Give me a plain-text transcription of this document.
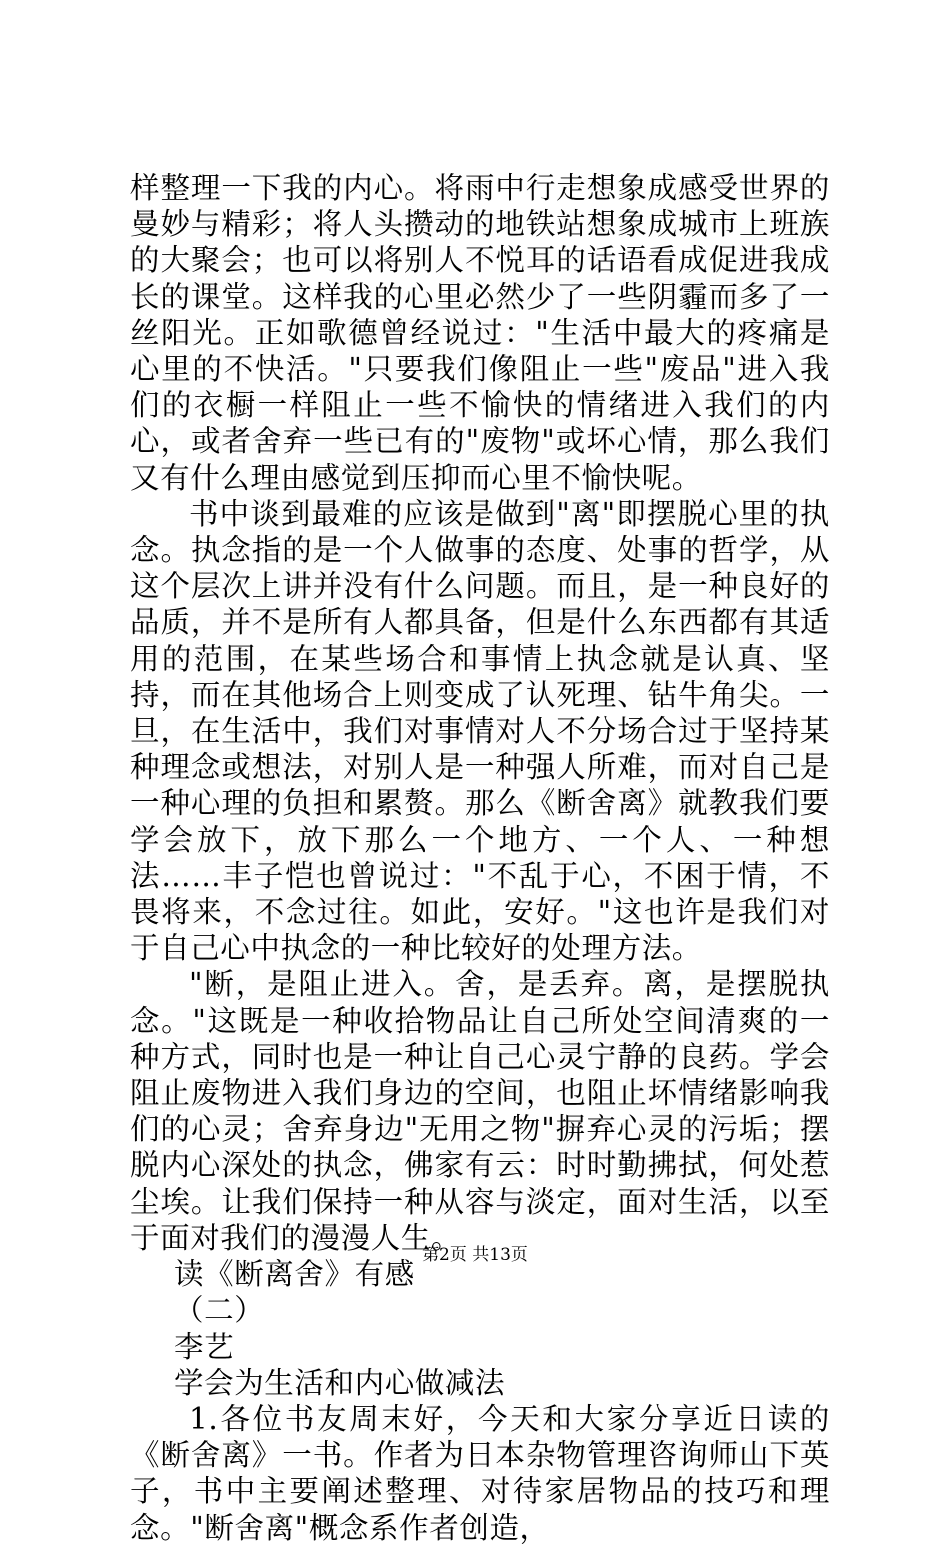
样整理一下我的内心。将雨中行走想象成感受世界的曼妙与精彩；将人头攒动的地铁站想象成城市上班族的大聚会；也可以将别人不悦耳的话语看成促进我成长的课堂。这样我的心里必然少了一些阴霾而多了一丝阳光。正如歌德曾经说过："生活中最大的疼痛是心里的不快活。"只要我们像阻止一些"废品"进入我们的衣橱一样阻止一些不愉快的情绪进入我们的内心，或者舍弃一些已有的"废物"或坏心情，那么我们又有什么理由感觉到压抑而心里不愉快呢。

书中谈到最难的应该是做到"离"即摆脱心里的执念。执念指的是一个人做事的态度、处事的哲学，从这个层次上讲并没有什么问题。而且，是一种良好的品质，并不是所有人都具备，但是什么东西都有其适用的范围，在某些场合和事情上执念就是认真、坚持，而在其他场合上则变成了认死理、钻牛角尖。一旦，在生活中，我们对事情对人不分场合过于坚持某种理念或想法，对别人是一种强人所难，而对自己是一种心理的负担和累赘。那么《断舍离》就教我们要学会放下，放下那么一个地方、一个人、一种想法……丰子恺也曾说过："不乱于心，不困于情，不畏将来，不念过往。如此，安好。"这也许是我们对于自己心中执念的一种比较好的处理方法。

"断，是阻止进入。舍，是丢弃。离，是摆脱执念。"这既是一种收拾物品让自己所处空间清爽的一种方式，同时也是一种让自己心灵宁静的良药。学会阻止废物进入我们身边的空间，也阻止坏情绪影响我们的心灵；舍弃身边"无用之物"摒弃心灵的污垢；摆脱内心深处的执念，佛家有云：时时勤拂拭，何处惹尘埃。让我们保持一种从容与淡定，面对生活，以至于面对我们的漫漫人生。

读《断离舍》有感

（二）

李艺

学会为生活和内心做减法

1.各位书友周末好，今天和大家分享近日读的《断舍离》一书。作者为日本杂物管理咨询师山下英子，书中主要阐述整理、对待家居物品的技巧和理念。"断舍离"概念系作者创造，

第2页 共13页
